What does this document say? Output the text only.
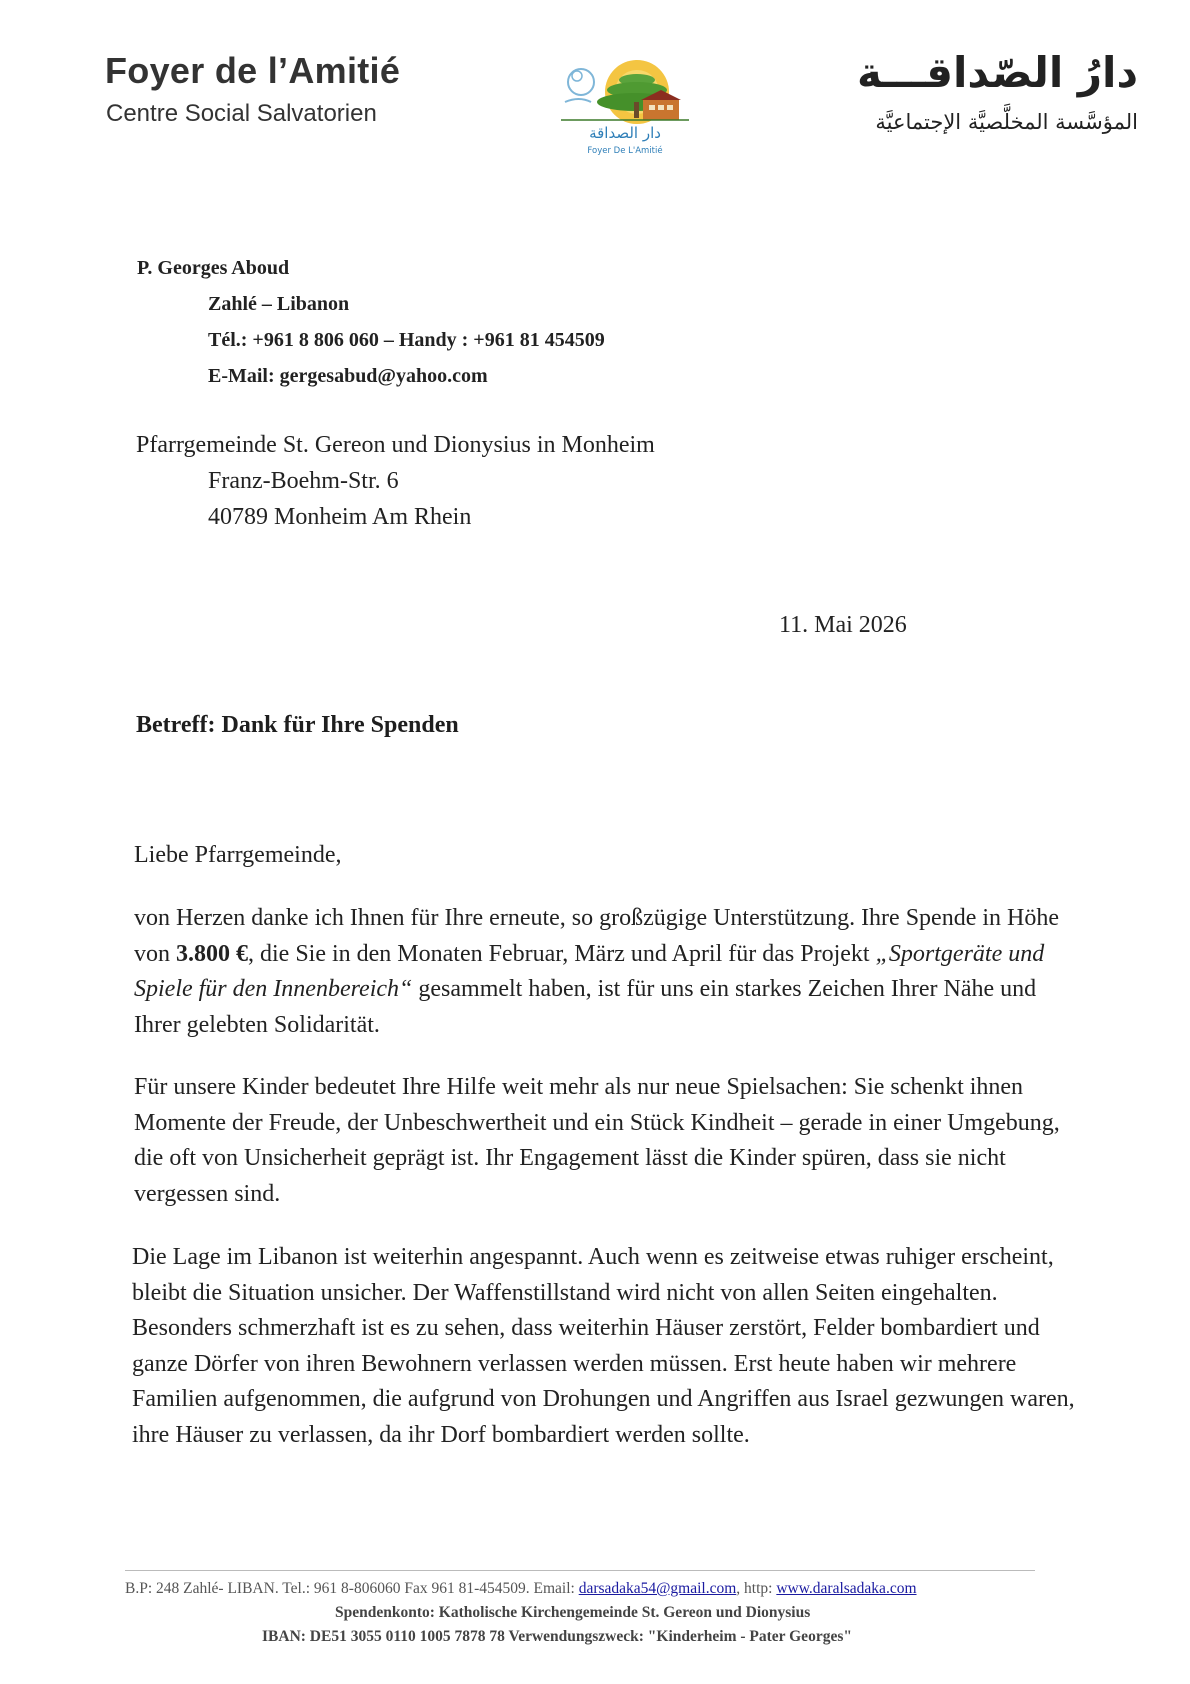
Foyer de l’Amitié
Centre Social Salvatorien
دار الصداقة
Foyer De L'Amitié
دارُ الصّداقـــة
المؤسَّسة المخلَّصيَّة الإجتماعيَّة
P. Georges Aboud
Zahlé – Libanon
Tél.: +961 8 806 060 – Handy : +961 81 454509
E-Mail: gergesabud@yahoo.com
Pfarrgemeinde St. Gereon und Dionysius in Monheim
Franz-Boehm-Str. 6
40789 Monheim Am Rhein
11. Mai 2026
Betreff: Dank für Ihre Spenden
Liebe Pfarrgemeinde,
von Herzen danke ich Ihnen für Ihre erneute, so großzügige Unterstützung. Ihre Spende in Höhe von 3.800 €, die Sie in den Monaten Februar, März und April für das Projekt „Sportgeräte und Spiele für den Innenbereich“ gesammelt haben, ist für uns ein starkes Zeichen Ihrer Nähe und Ihrer gelebten Solidarität.
Für unsere Kinder bedeutet Ihre Hilfe weit mehr als nur neue Spielsachen: Sie schenkt ihnen Momente der Freude, der Unbeschwertheit und ein Stück Kindheit – gerade in einer Umgebung, die oft von Unsicherheit geprägt ist. Ihr Engagement lässt die Kinder spüren, dass sie nicht vergessen sind.
Die Lage im Libanon ist weiterhin angespannt. Auch wenn es zeitweise etwas ruhiger erscheint, bleibt die Situation unsicher. Der Waffenstillstand wird nicht von allen Seiten eingehalten. Besonders schmerzhaft ist es zu sehen, dass weiterhin Häuser zerstört, Felder bombardiert und ganze Dörfer von ihren Bewohnern verlassen werden müssen. Erst heute haben wir mehrere Familien aufgenommen, die aufgrund von Drohungen und Angriffen aus Israel gezwungen waren, ihre Häuser zu verlassen, da ihr Dorf bombardiert werden sollte.
B.P: 248 Zahlé- LIBAN. Tel.: 961 8-806060 Fax 961 81-454509. Email: darsadaka54@gmail.com, http: www.daralsadaka.com
Spendenkonto: Katholische Kirchengemeinde St. Gereon und Dionysius
IBAN: DE51 3055 0110 1005 7878 78 Verwendungszweck: "Kinderheim - Pater Georges"
